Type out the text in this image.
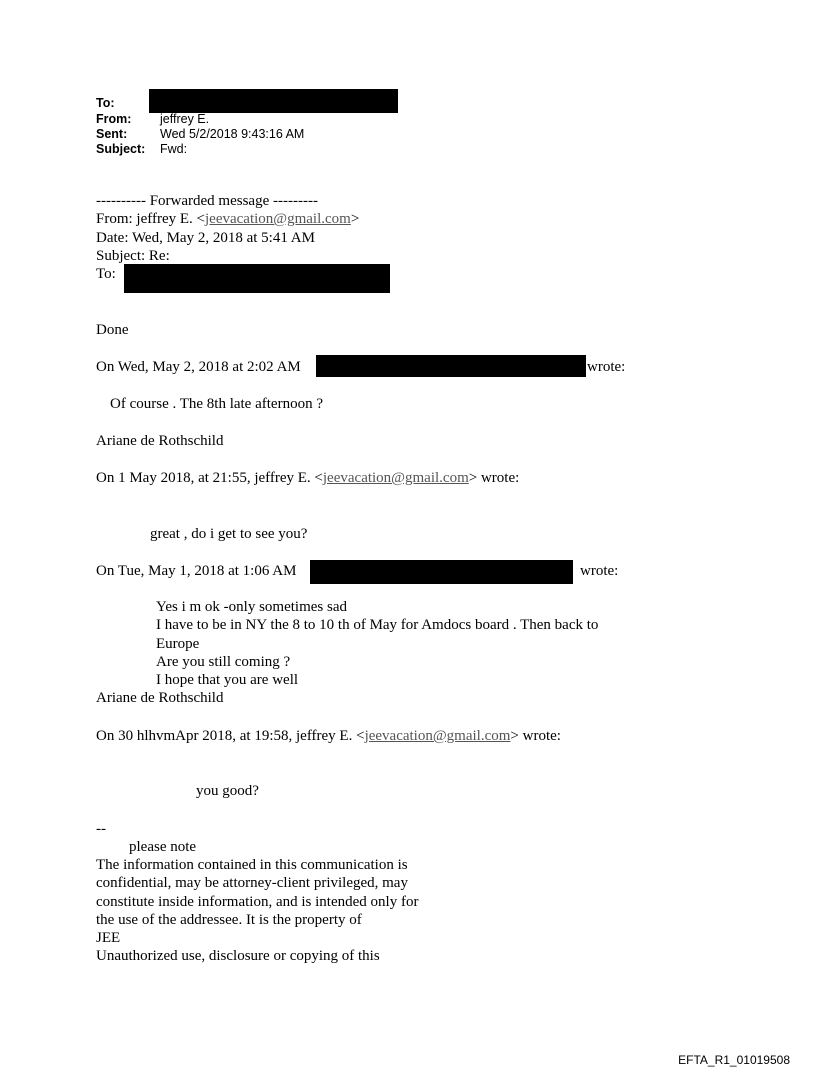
To:
From: jeffrey E.
Sent:	Wed 5/2/2018 9:43:16 AM
Subject: Fwd:
---------- Forwarded message ---------
From: jeffrey E. <jeevacation@gmail.com>
Date: Wed, May 2, 2018 at 5:41 AM
Subject: Re:
To:
Done
On Wed, May 2, 2018 at 2:02 AM	wrote:
Of course . The 8th late afternoon ?
Ariane de Rothschild
On 1 May 2018, at 21:55, jeffrey E. <jeevacation@gmail.com> wrote:
great , do i get to see you?
On Tue, May 1, 2018 at 1:06 AM	wrote:
Yes i m ok -only sometimes sad
I have to be in NY the 8 to 10 th of May for Amdocs board . Then back to
Europe
Are you still coming ?
I hope that you are well
Ariane de Rothschild
On 30 hlhvmApr 2018, at 19:58, jeffrey E. <jeevacation@gmail.com> wrote:
you good?
--
please note
The information contained in this communication is
confidential, may be attorney-client privileged, may
constitute inside information, and is intended only for
the use of the addressee. It is the property of
JEE
Unauthorized use, disclosure or copying of this
EFTA_R1_01019508
